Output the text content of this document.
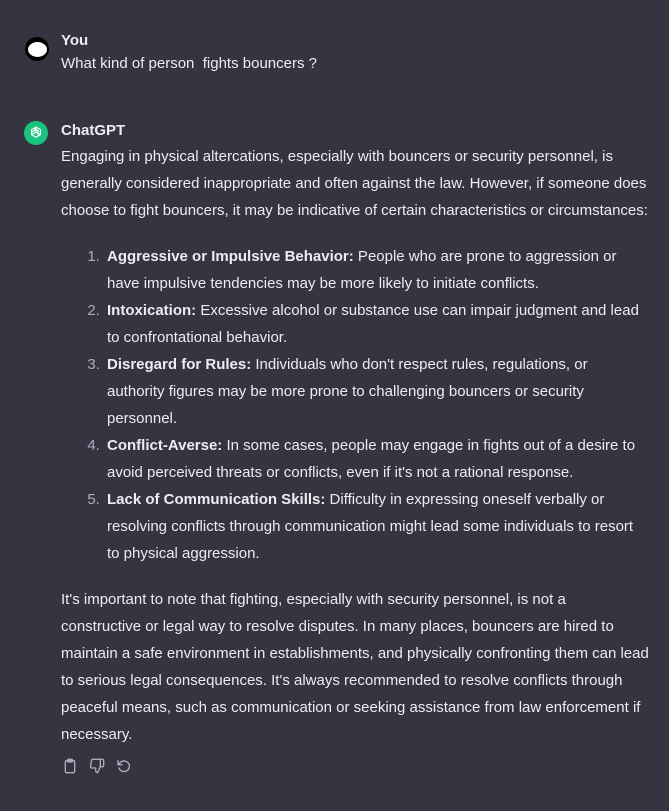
You
What kind of person  fights bouncers ?
ChatGPT

Engaging in physical altercations, especially with bouncers or security personnel, is generally considered inappropriate and often against the law. However, if someone does choose to fight bouncers, it may be indicative of certain characteristics or circumstances:

1. Aggressive or Impulsive Behavior: People who are prone to aggression or have impulsive tendencies may be more likely to initiate conflicts.
2. Intoxication: Excessive alcohol or substance use can impair judgment and lead to confrontational behavior.
3. Disregard for Rules: Individuals who don't respect rules, regulations, or authority figures may be more prone to challenging bouncers or security personnel.
4. Conflict-Averse: In some cases, people may engage in fights out of a desire to avoid perceived threats or conflicts, even if it's not a rational response.
5. Lack of Communication Skills: Difficulty in expressing oneself verbally or resolving conflicts through communication might lead some individuals to resort to physical aggression.

It's important to note that fighting, especially with security personnel, is not a constructive or legal way to resolve disputes. In many places, bouncers are hired to maintain a safe environment in establishments, and physically confronting them can lead to serious legal consequences. It's always recommended to resolve conflicts through peaceful means, such as communication or seeking assistance from law enforcement if necessary.
